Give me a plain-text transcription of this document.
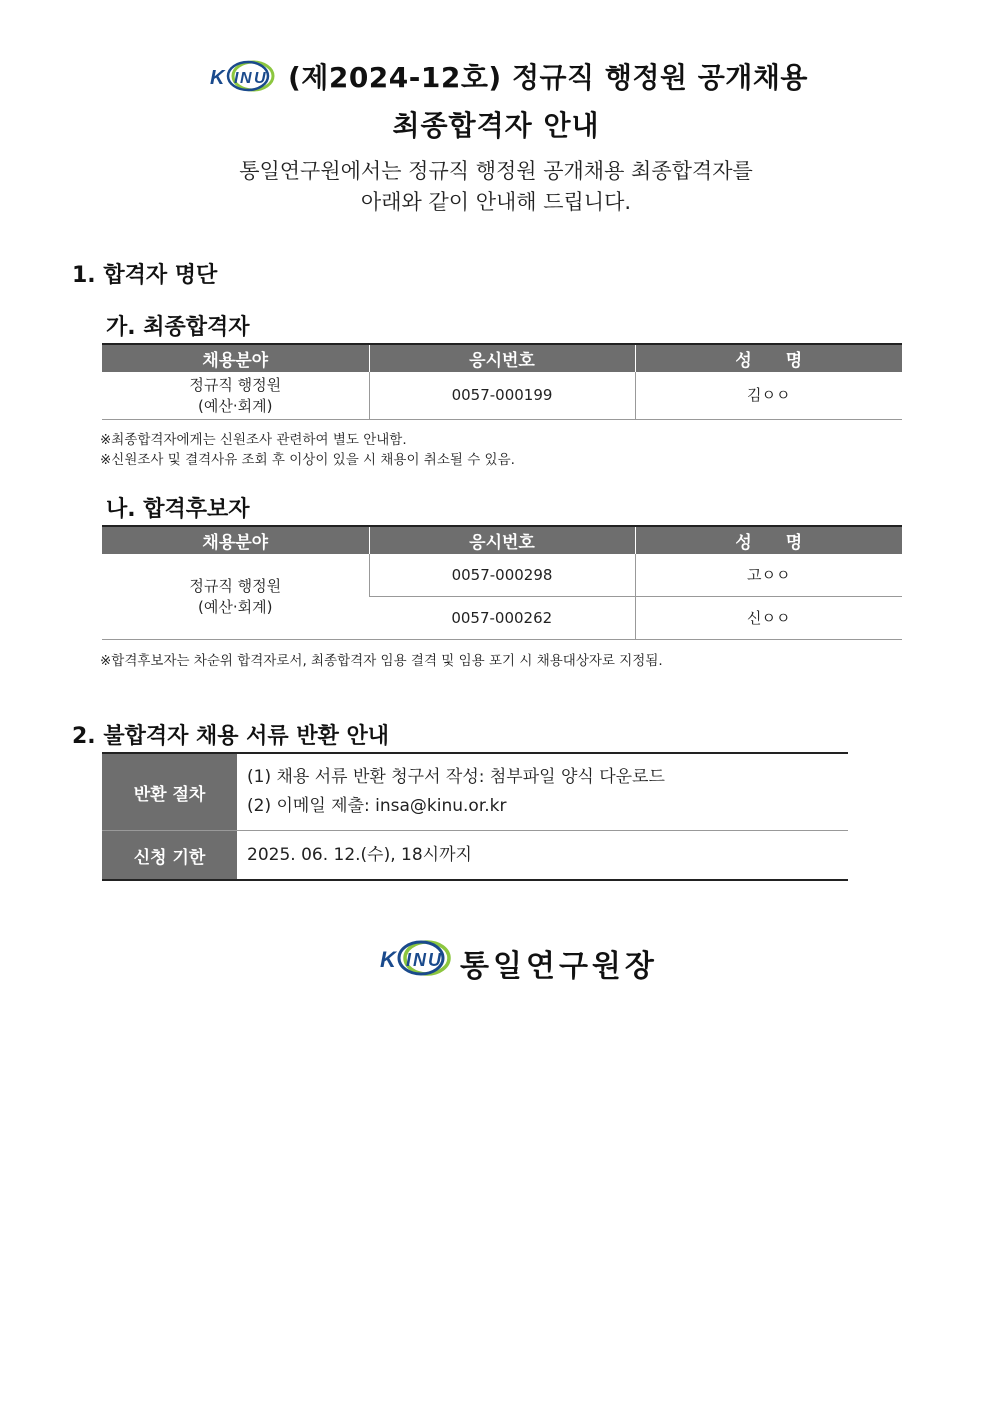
K I N U (제2024-12호) 정규직 행정원 공개채용
최종합격자 안내
통일연구원에서는 정규직 행정원 공개채용 최종합격자를
아래와 같이 안내해 드립니다.
1. 합격자 명단
가. 최종합격자
채용분야	응시번호	성　　명

정규직 행정원
(예산·회계)	0057-000199	김ㅇㅇ
※최종합격자에게는 신원조사 관련하여 별도 안내함.
※신원조사 및 결격사유 조회 후 이상이 있을 시 채용이 취소될 수 있음.
나. 합격후보자
채용분야	응시번호	성　　명

정규직 행정원
(예산·회계)	0057-000298	고ㅇㅇ
	0057-000262	신ㅇㅇ
※합격후보자는 차순위 합격자로서, 최종합격자 임용 결격 및 임용 포기 시 채용대상자로 지정됨.
2. 불합격자 채용 서류 반환 안내
반환 절차	(1) 채용 서류 반환 청구서 작성: 첨부파일 양식 다운로드
(2) 이메일 제출: insa@kinu.or.kr

신청 기한	2025. 06. 12.(수), 18시까지
K I N U 통일연구원장
